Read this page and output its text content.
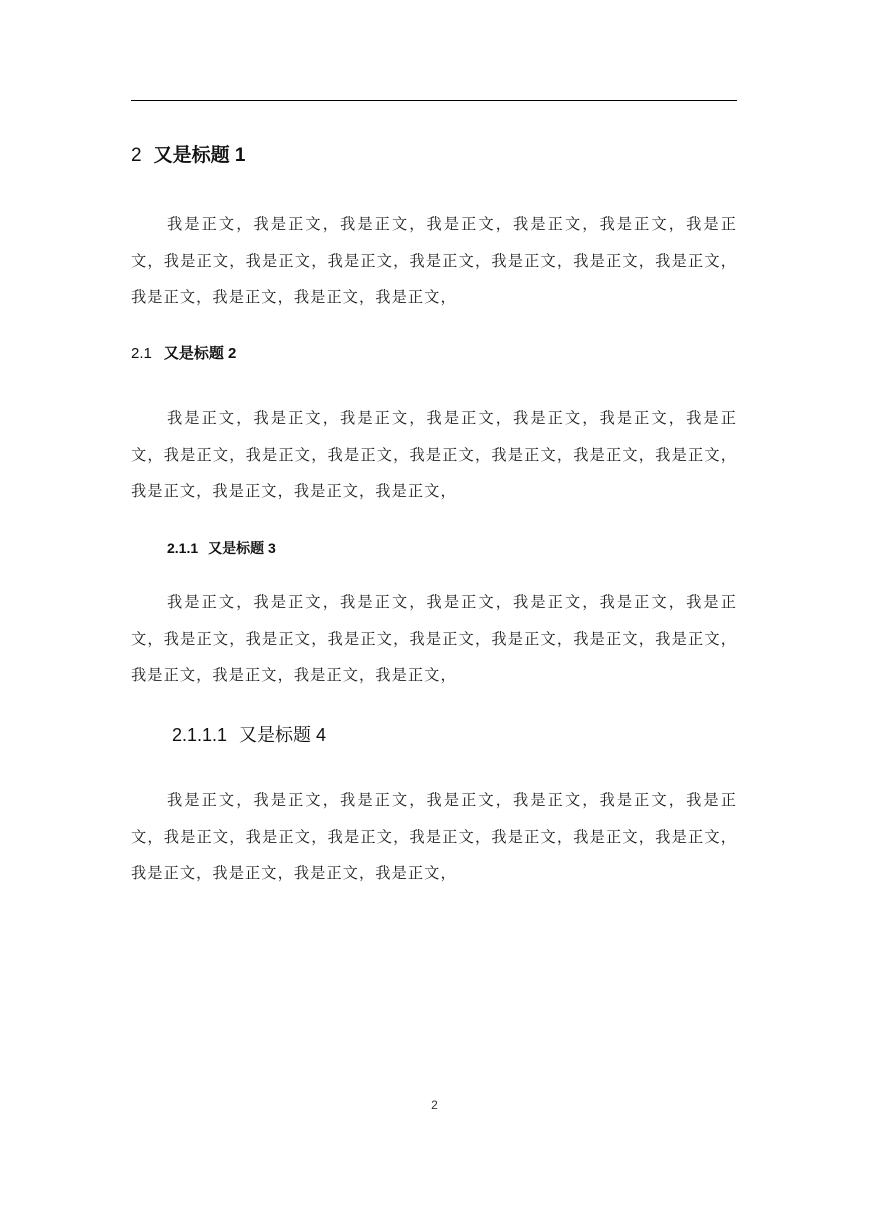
2 又是标题 1
我是正文，我是正文，我是正文，我是正文，我是正文，我是正文，我是正文，我是正文，我是正文，我是正文，我是正文，我是正文，我是正文，我是正文，我是正文，我是正文，我是正文，我是正文，
2.1 又是标题 2
我是正文，我是正文，我是正文，我是正文，我是正文，我是正文，我是正文，我是正文，我是正文，我是正文，我是正文，我是正文，我是正文，我是正文，我是正文，我是正文，我是正文，我是正文，
2.1.1 又是标题 3
我是正文，我是正文，我是正文，我是正文，我是正文，我是正文，我是正文，我是正文，我是正文，我是正文，我是正文，我是正文，我是正文，我是正文，我是正文，我是正文，我是正文，我是正文，
2.1.1.1 又是标题 4
我是正文，我是正文，我是正文，我是正文，我是正文，我是正文，我是正文，我是正文，我是正文，我是正文，我是正文，我是正文，我是正文，我是正文，我是正文，我是正文，我是正文，我是正文，
2
